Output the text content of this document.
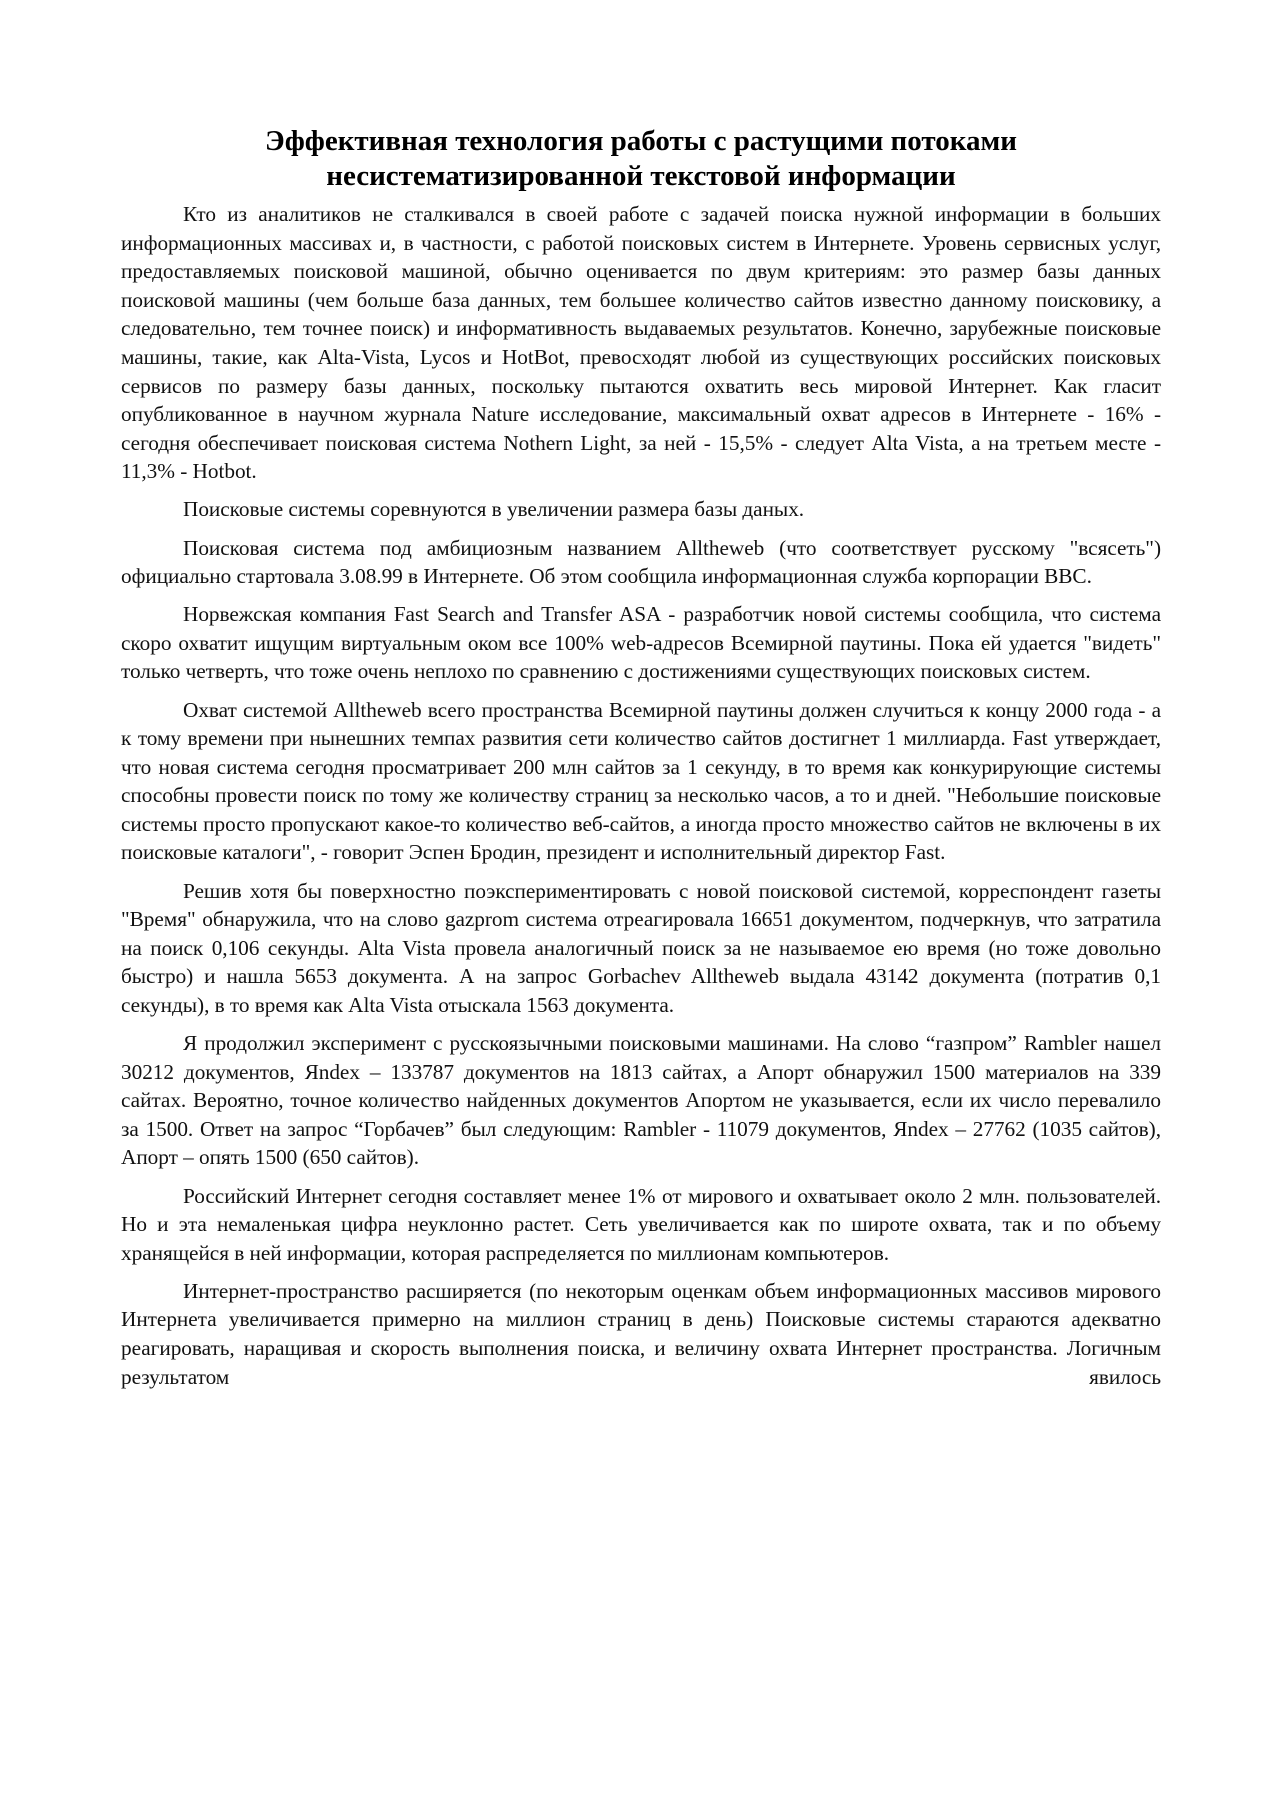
Эффективная технология работы с растущими потоками несистематизированной текстовой информации

Кто из аналитиков не сталкивался в своей работе с задачей поиска нужной информации в больших информационных массивах и, в частности, с работой поисковых систем в Интернете. Уровень сервисных услуг, предоставляемых поисковой машиной, обычно оценивается по двум критериям: это размер базы данных поисковой машины (чем больше база данных, тем большее количество сайтов известно данному поисковику, а следовательно, тем точнее поиск) и информативность выдаваемых результатов. Конечно, зарубежные поисковые машины, такие, как Alta-Vista, Lycos и HotBot, превосходят любой из существующих российских поисковых сервисов по размеру базы данных, поскольку пытаются охватить весь мировой Интернет. Как гласит опубликованное в научном журнала Nature исследование, максимальный охват адресов в Интернете - 16% - сегодня обеспечивает поисковая система Nothern Light, за ней - 15,5% - следует Alta Vista, а на третьем месте - 11,3% - Hotbot.

Поисковые системы соревнуются в увеличении размера базы даных.

Поисковая система под амбициозным названием Alltheweb (что соответствует русскому "всясеть") официально стартовала 3.08.99 в Интернете. Об этом сообщила информационная служба корпорации BBC.

Норвежская компания Fast Search and Transfer ASA - разработчик новой системы сообщила, что система скоро охватит ищущим виртуальным оком все 100% web-адресов Всемирной паутины. Пока ей удается "видеть" только четверть, что тоже очень неплохо по сравнению с достижениями существующих поисковых систем.

Охват системой Alltheweb всего пространства Всемирной паутины должен случиться к концу 2000 года - а к тому времени при нынешних темпах развития сети количество сайтов достигнет 1 миллиарда. Fast утверждает, что новая система сегодня просматривает 200 млн сайтов за 1 секунду, в то время как конкурирующие системы способны провести поиск по тому же количеству страниц за несколько часов, а то и дней. "Небольшие поисковые системы просто пропускают какое-то количество веб-сайтов, а иногда просто множество сайтов не включены в их поисковые каталоги", - говорит Эспен Бродин, президент и исполнительный директор Fast.

Решив хотя бы поверхностно поэкспериментировать с новой поисковой системой, корреспондент газеты "Время" обнаружила, что на слово gazprom система отреагировала 16651 документом, подчеркнув, что затратила на поиск 0,106 секунды. Alta Vista провела аналогичный поиск за не называемое ею время (но тоже довольно быстро) и нашла 5653 документа. А на запрос Gorbachev Alltheweb выдала 43142 документа (потратив 0,1 секунды), в то время как Alta Vista отыскала 1563 документа.

Я продолжил эксперимент с русскоязычными поисковыми машинами. На слово “газпром” Rambler нашел 30212 документов, Яndex – 133787 документов на 1813 сайтах, а Апорт обнаружил 1500 материалов на 339 сайтах. Вероятно, точное количество найденных документов Апортом не указывается, если их число перевалило за 1500. Ответ на запрос “Горбачев” был следующим: Rambler - 11079 документов, Яndex – 27762 (1035 сайтов), Апорт – опять 1500 (650 сайтов).

Российский Интернет сегодня составляет менее 1% от мирового и охватывает около 2 млн. пользователей. Но и эта немаленькая цифра неуклонно растет. Сеть увеличивается как по широте охвата, так и по объему хранящейся в ней информации, которая распределяется по миллионам компьютеров.

Интернет-пространство расширяется (по некоторым оценкам объем информационных массивов мирового Интернета увеличивается примерно на миллион страниц в день) Поисковые системы стараются адекватно реагировать, наращивая и скорость выполнения поиска, и величину охвата Интернет пространства. Логичным результатом явилось
